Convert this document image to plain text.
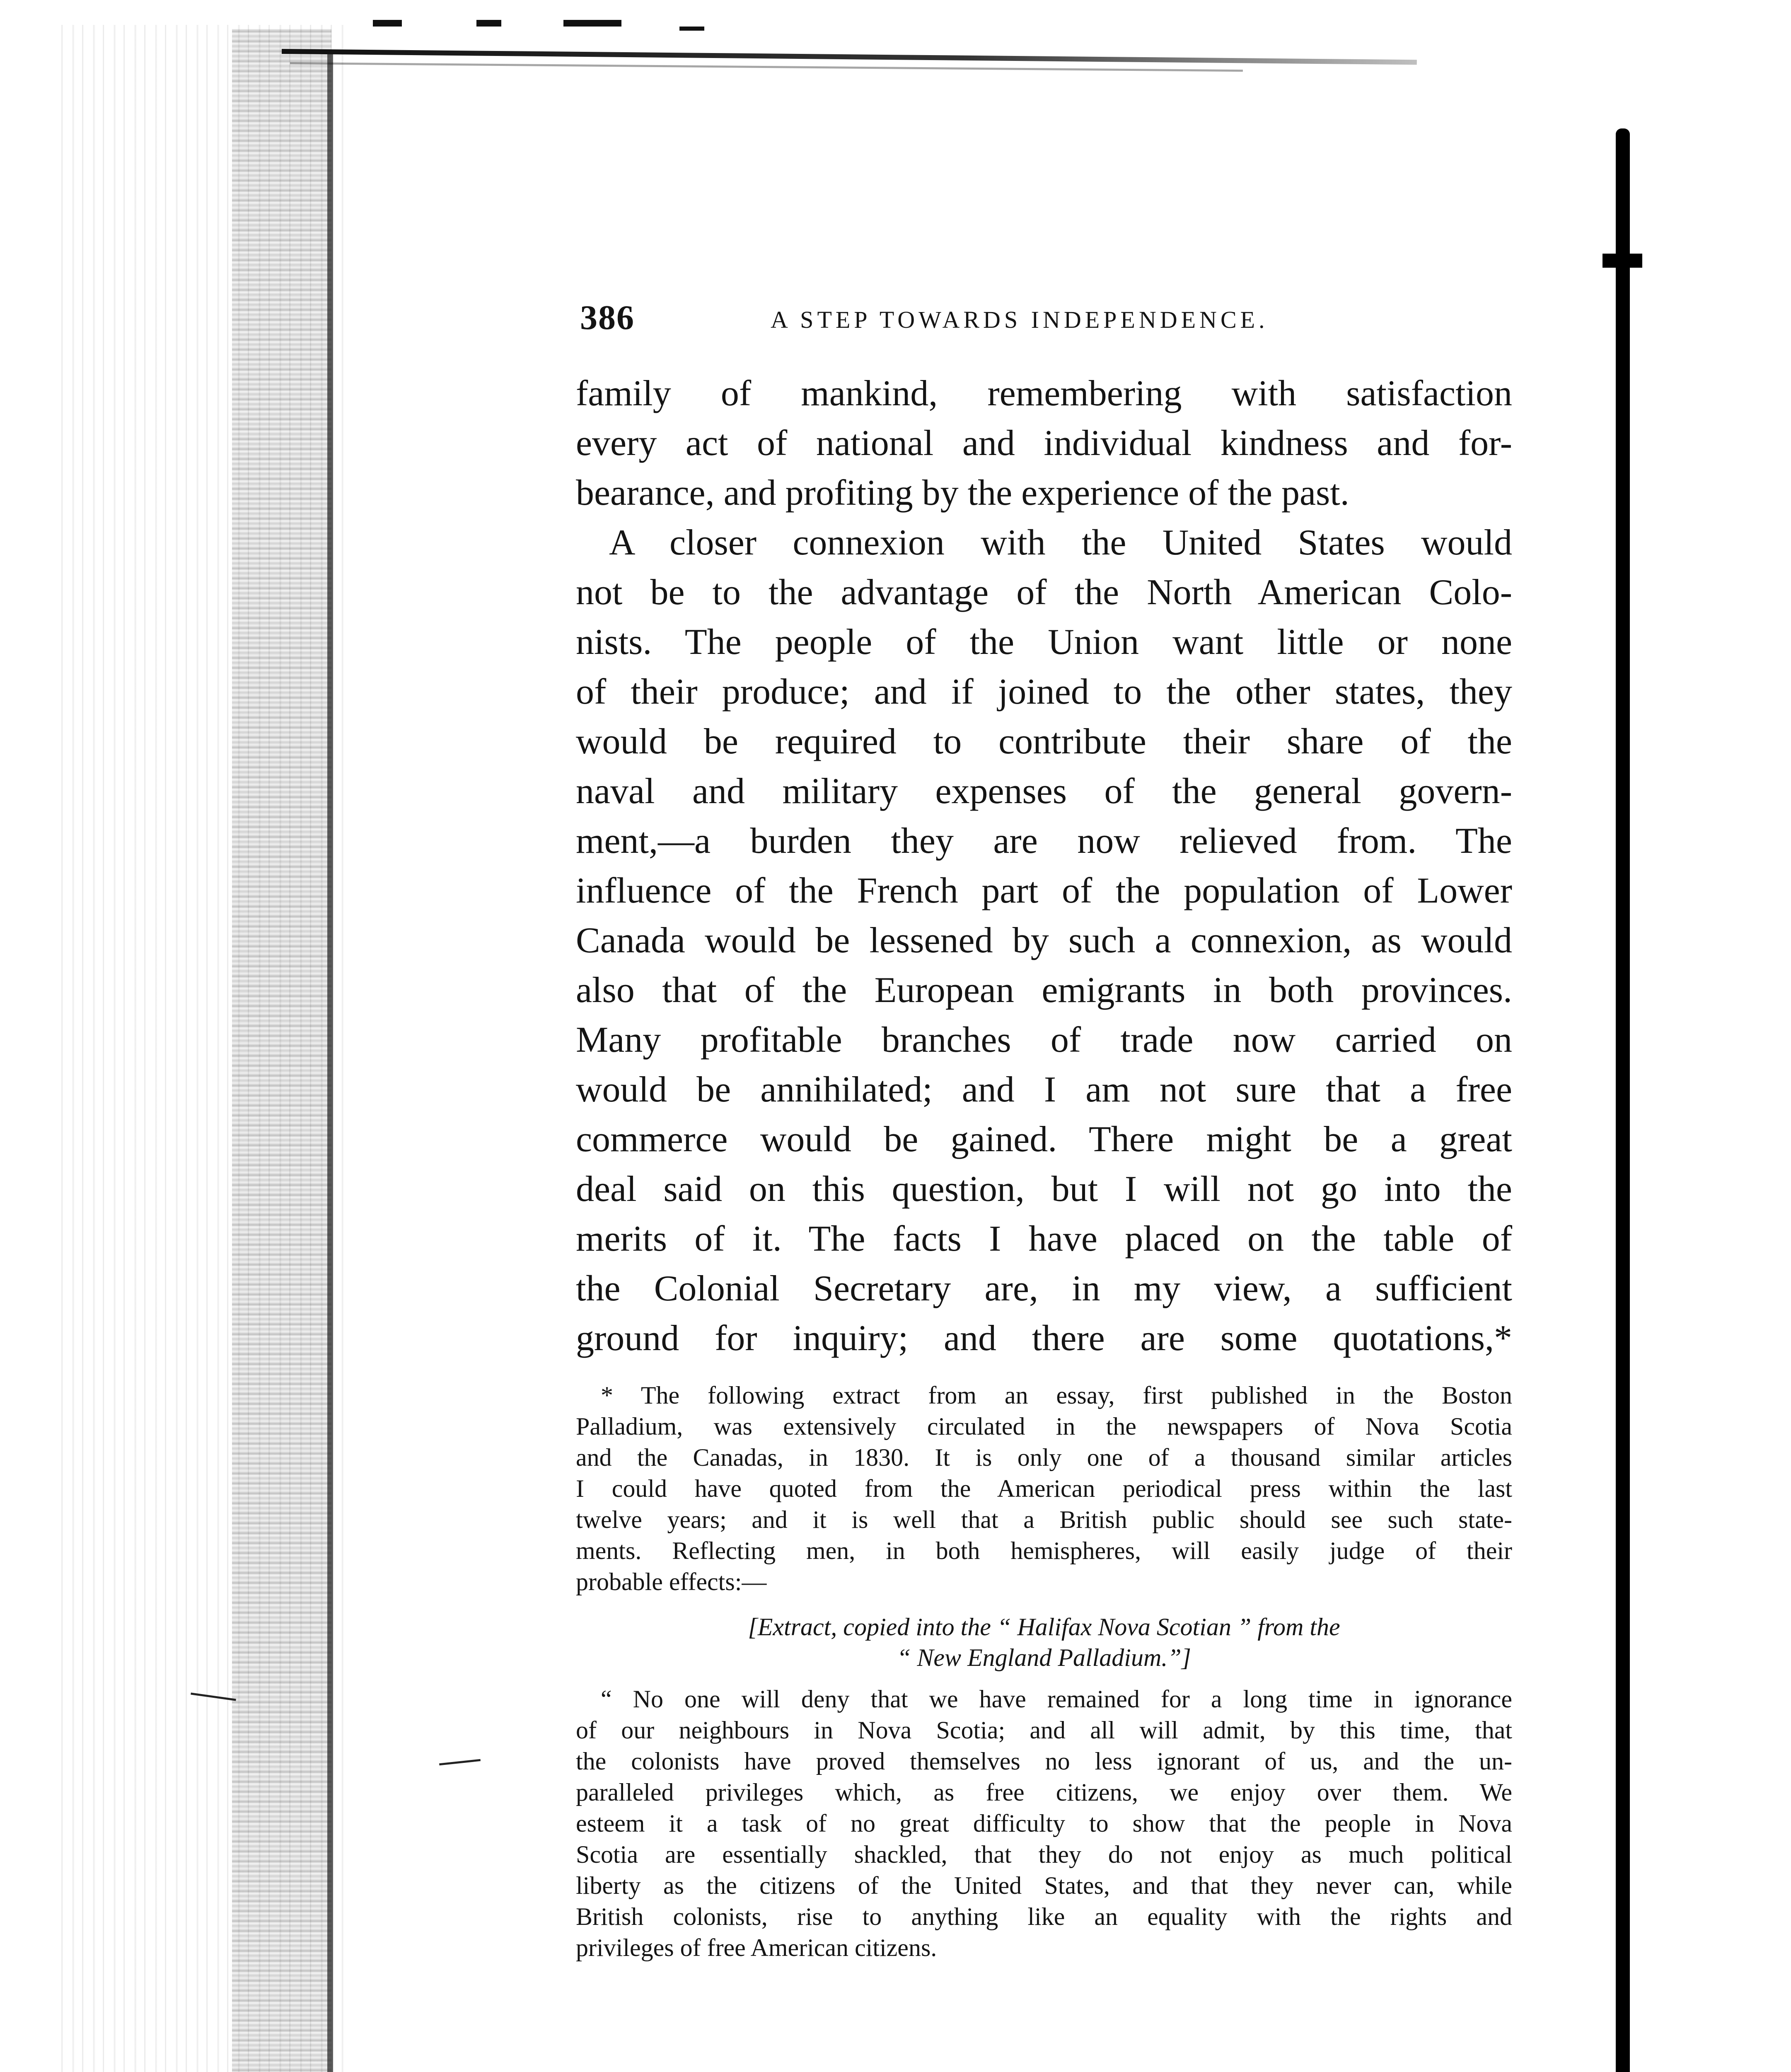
386	A STEP TOWARDS INDEPENDENCE.
family of mankind, remembering with satisfaction
every act of national and individual kindness and for-
bearance, and profiting by the experience of the past.
A closer connexion with the United States would
not be to the advantage of the North American Colo-
nists. The people of the Union want little or none
of their produce; and if joined to the other states, they
would be required to contribute their share of the
naval and military expenses of the general govern-
ment,—a burden they are now relieved from. The
influence of the French part of the population of Lower
Canada would be lessened by such a connexion, as would
also that of the European emigrants in both provinces.
Many profitable branches of trade now carried on
would be annihilated; and I am not sure that a free
commerce would be gained. There might be a great
deal said on this question, but I will not go into the
merits of it. The facts I have placed on the table of
the Colonial Secretary are, in my view, a sufficient
ground for inquiry; and there are some quotations,*
* The following extract from an essay, first published in the Boston
Palladium, was extensively circulated in the newspapers of Nova Scotia
and the Canadas, in 1830. It is only one of a thousand similar articles
I could have quoted from the American periodical press within the last
twelve years; and it is well that a British public should see such state-
ments. Reflecting men, in both hemispheres, will easily judge of their
probable effects:—
[Extract, copied into the “ Halifax Nova Scotian ” from the
“ New England Palladium.”]
“ No one will deny that we have remained for a long time in ignorance
of our neighbours in Nova Scotia; and all will admit, by this time, that
the colonists have proved themselves no less ignorant of us, and the un-
paralleled privileges which, as free citizens, we enjoy over them. We
esteem it a task of no great difficulty to show that the people in Nova
Scotia are essentially shackled, that they do not enjoy as much political
liberty as the citizens of the United States, and that they never can, while
British colonists, rise to anything like an equality with the rights and
privileges of free American citizens.
